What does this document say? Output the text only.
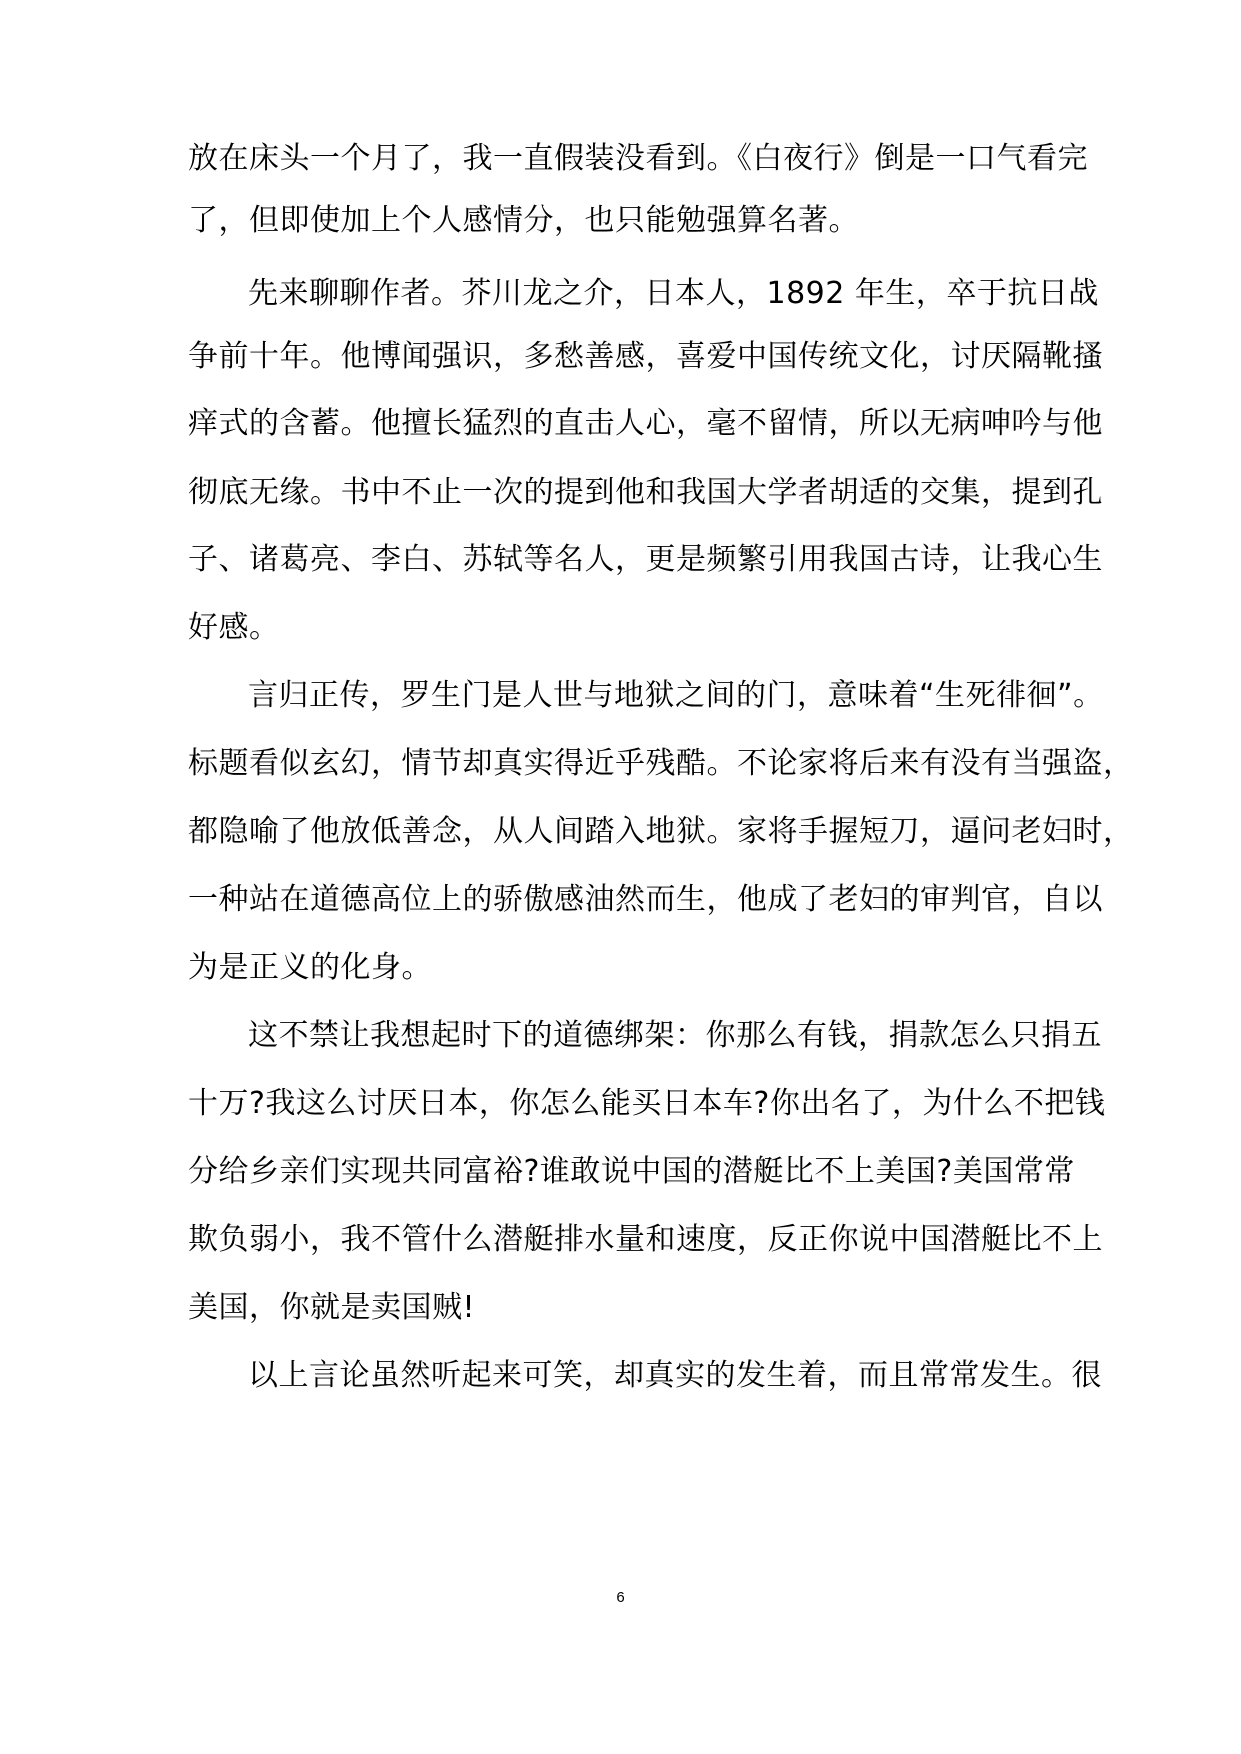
放在床头一个月了，我一直假装没看到。《白夜行》倒是一口气看完
了，但即使加上个人感情分，也只能勉强算名著。
先来聊聊作者。芥川龙之介，日本人，1892 年生，卒于抗日战
争前十年。他博闻强识，多愁善感，喜爱中国传统文化，讨厌隔靴搔
痒式的含蓄。他擅长猛烈的直击人心，毫不留情，所以无病呻吟与他
彻底无缘。书中不止一次的提到他和我国大学者胡适的交集，提到孔
子、诸葛亮、李白、苏轼等名人，更是频繁引用我国古诗，让我心生
好感。
言归正传，罗生门是人世与地狱之间的门，意味着“生死徘徊”。
标题看似玄幻，情节却真实得近乎残酷。不论家将后来有没有当强盗，
都隐喻了他放低善念，从人间踏入地狱。家将手握短刀，逼问老妇时，
一种站在道德高位上的骄傲感油然而生，他成了老妇的审判官，自以
为是正义的化身。
这不禁让我想起时下的道德绑架：你那么有钱，捐款怎么只捐五
十万?我这么讨厌日本，你怎么能买日本车?你出名了，为什么不把钱
分给乡亲们实现共同富裕?谁敢说中国的潜艇比不上美国?美国常常
欺负弱小，我不管什么潜艇排水量和速度，反正你说中国潜艇比不上
美国，你就是卖国贼!
以上言论虽然听起来可笑，却真实的发生着，而且常常发生。很
6
